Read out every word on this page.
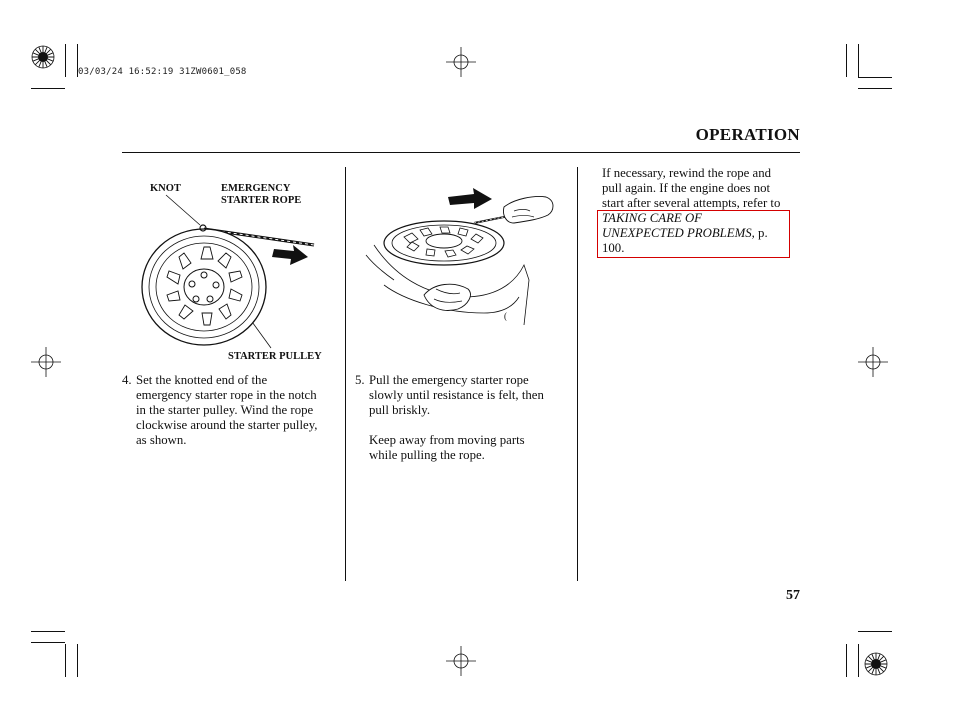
03/03/24 16:52:19 31ZW0601_058
OPERATION
KNOT	EMERGENCY
STARTER ROPE
STARTER PULLEY
(
4. Set the knotted end of the
emergency starter rope in the notch
in the starter pulley. Wind the rope
clockwise around the starter pulley,
as shown.
5. Pull the emergency starter rope
slowly until resistance is felt, then
pull briskly.
Keep away from moving parts
while pulling the rope.
If necessary, rewind the rope and
pull again. If the engine does not
start after several attempts, refer to
TAKING CARE OF
UNEXPECTED PROBLEMS, p.
100.
57
